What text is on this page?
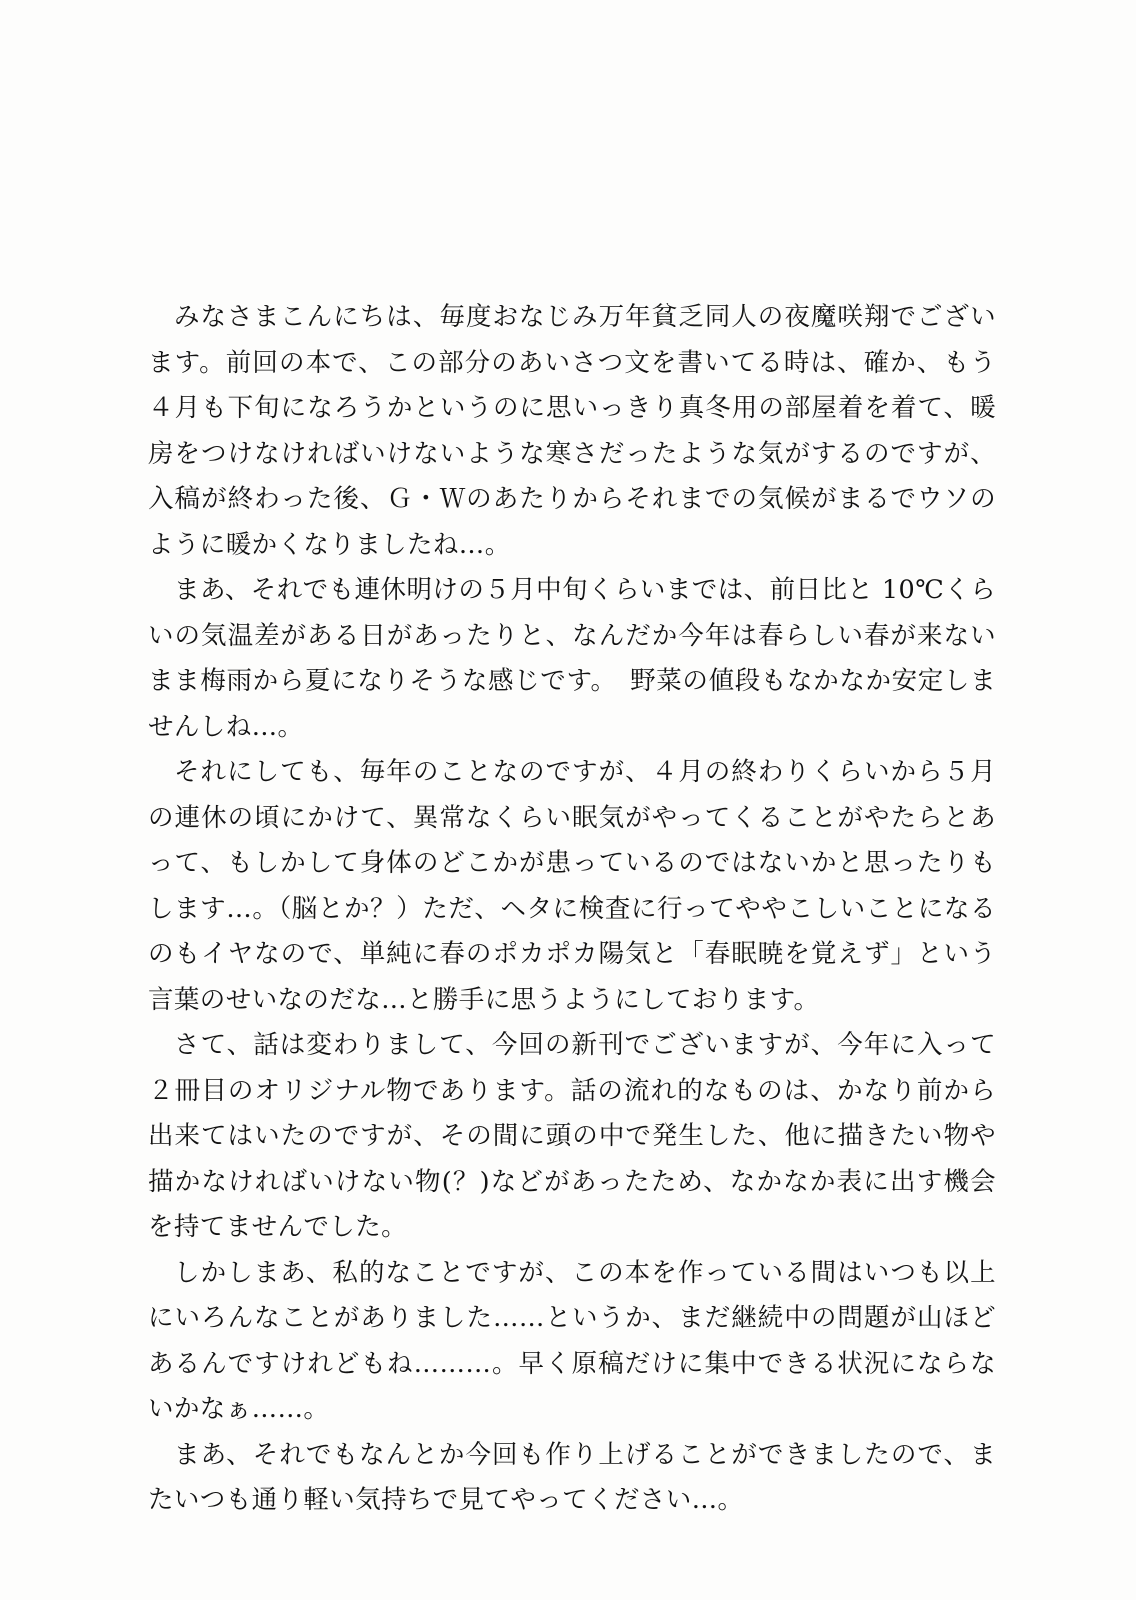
みなさまこんにちは、毎度おなじみ万年貧乏同人の夜魔咲翔でございます。前回の本で、この部分のあいさつ文を書いてる時は、確か、もう４月も下旬になろうかというのに思いっきり真冬用の部屋着を着て、暖房をつけなければいけないような寒さだったような気がするのですが、入稿が終わった後、Ｇ・Ｗのあたりからそれまでの気候がまるでウソのように暖かくなりましたね…。

まあ、それでも連休明けの５月中旬くらいまでは、前日比と 10℃くらいの気温差がある日があったりと、なんだか今年は春らしい春が来ないまま梅雨から夏になりそうな感じです。　野菜の値段もなかなか安定しませんしね…。

それにしても、毎年のことなのですが、４月の終わりくらいから５月の連休の頃にかけて、異常なくらい眠気がやってくることがやたらとあって、もしかして身体のどこかが患っているのではないかと思ったりもします…。（脳とか？）ただ、ヘタに検査に行ってややこしいことになるのもイヤなので、単純に春のポカポカ陽気と「春眠暁を覚えず」という言葉のせいなのだな…と勝手に思うようにしております。

さて、話は変わりまして、今回の新刊でございますが、今年に入って２冊目のオリジナル物であります。話の流れ的なものは、かなり前から出来てはいたのですが、その間に頭の中で発生した、他に描きたい物や描かなければいけない物(？)などがあったため、なかなか表に出す機会を持てませんでした。

しかしまあ、私的なことですが、この本を作っている間はいつも以上にいろんなことがありました……というか、まだ継続中の問題が山ほどあるんですけれどもね………。早く原稿だけに集中できる状況にならないかなぁ……。

まあ、それでもなんとか今回も作り上げることができましたので、またいつも通り軽い気持ちで見てやってください…。
